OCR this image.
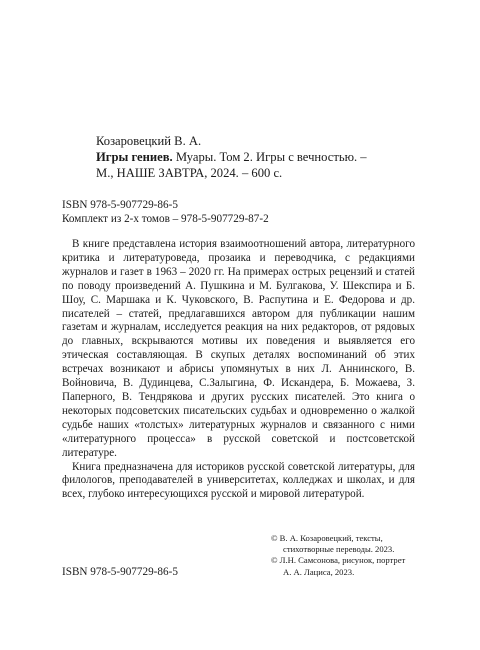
Козаровецкий В. А.
Игры гениев. Муары. Том 2. Игры с вечностью. –
М., НАШЕ ЗАВТРА, 2024. – 600 с.
ISBN 978-5-907729-86-5
Комплект из 2-х томов – 978-5-907729-87-2

В книге представлена история взаимоотношений автора, литературного критика и литературоведа, прозаика и переводчика, с редакциями журналов и газет в 1963 – 2020 гг. На примерах острых рецензий и статей по поводу произведений А. Пушкина и М. Булгакова, У. Шекспира и Б. Шоу, С. Маршака и К. Чуковского, В. Распутина и Е. Федорова и др. писателей – статей, предлагавшихся автором для публикации нашим газетам и журналам, исследуется реакция на них редакторов, от рядовых до главных, вскрываются мотивы их поведения и выявляется его этическая составляющая. В скупых деталях воспоминаний об этих встречах возникают и абрисы упомянутых в них Л. Аннинского, В. Войновича, В. Дудинцева, С.Залыгина, Ф. Искандера, Б. Можаева, З. Паперного, В. Тендрякова и других русских писателей. Это книга о некоторых подсоветских писательских судьбах и одновременно о жалкой судьбе наших «толстых» литературных журналов и связанного с ними «литературного процесса» в русской советской и постсоветской литературе.

Книга предназначена для историков русской советской литературы, для филологов, преподавателей в университетах, колледжах и школах, и для всех, глубоко интересующихся русской и мировой литературой.

© В. А. Козаровецкий, тексты,
стихотворные переводы. 2023.
© Л.Н. Самсонова, рисунок, портрет
А. А. Лациса, 2023.
ISBN 978-5-907729-86-5
